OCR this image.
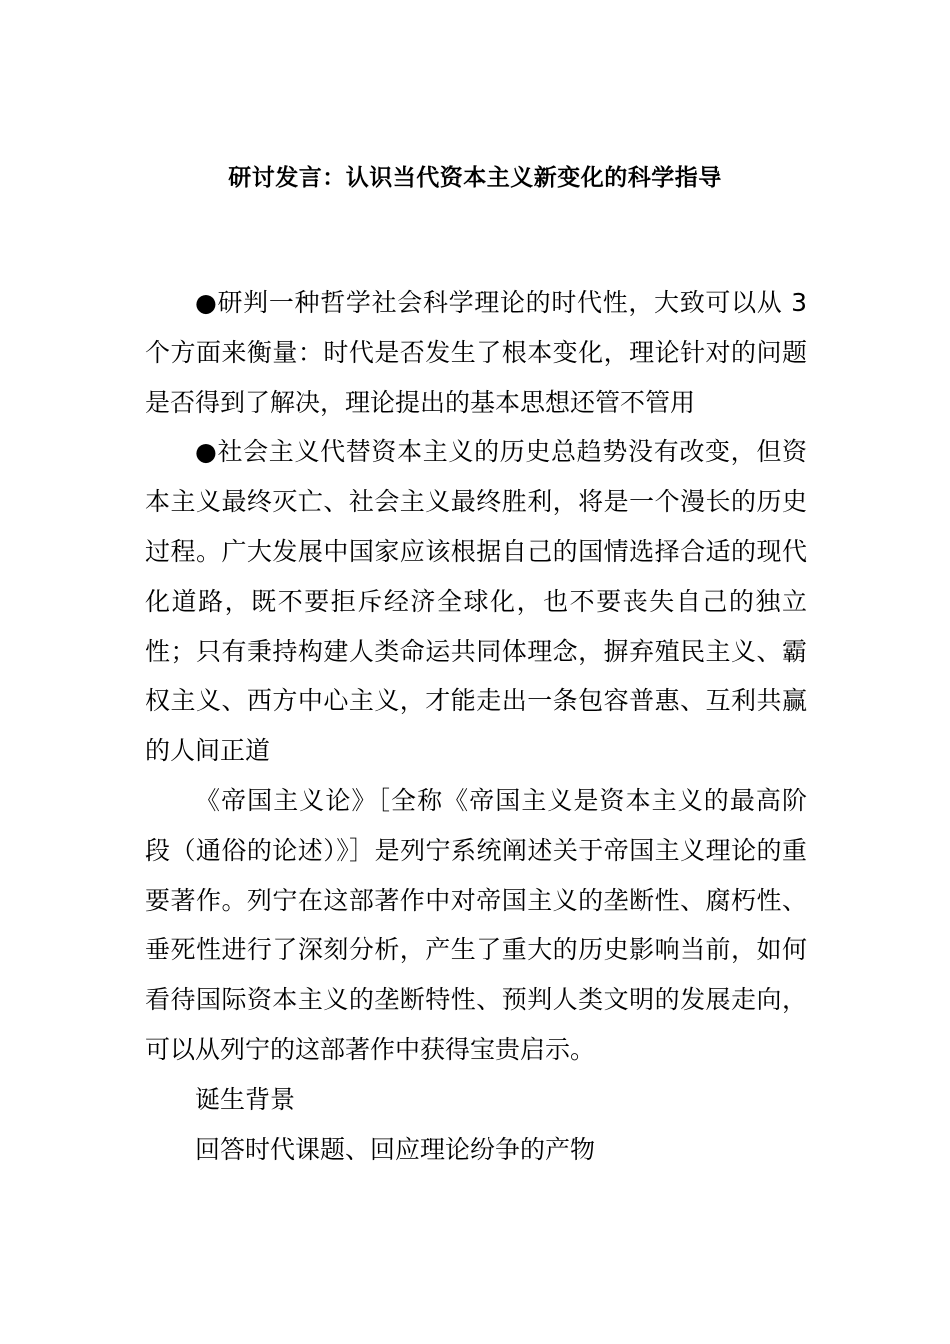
研讨发言：认识当代资本主义新变化的科学指导

●研判一种哲学社会科学理论的时代性，大致可以从 3 个方面来衡量：时代是否发生了根本变化，理论针对的问题是否得到了解决，理论提出的基本思想还管不管用

●社会主义代替资本主义的历史总趋势没有改变，但资本主义最终灭亡、社会主义最终胜利，将是一个漫长的历史过程。广大发展中国家应该根据自己的国情选择合适的现代化道路，既不要拒斥经济全球化，也不要丧失自己的独立性；只有秉持构建人类命运共同体理念，摒弃殖民主义、霸权主义、西方中心主义，才能走出一条包容普惠、互利共赢的人间正道

《帝国主义论》［全称《帝国主义是资本主义的最高阶段（通俗的论述）》］是列宁系统阐述关于帝国主义理论的重要著作。列宁在这部著作中对帝国主义的垄断性、腐朽性、垂死性进行了深刻分析，产生了重大的历史影响当前，如何看待国际资本主义的垄断特性、预判人类文明的发展走向，可以从列宁的这部著作中获得宝贵启示。

诞生背景

回答时代课题、回应理论纷争的产物
